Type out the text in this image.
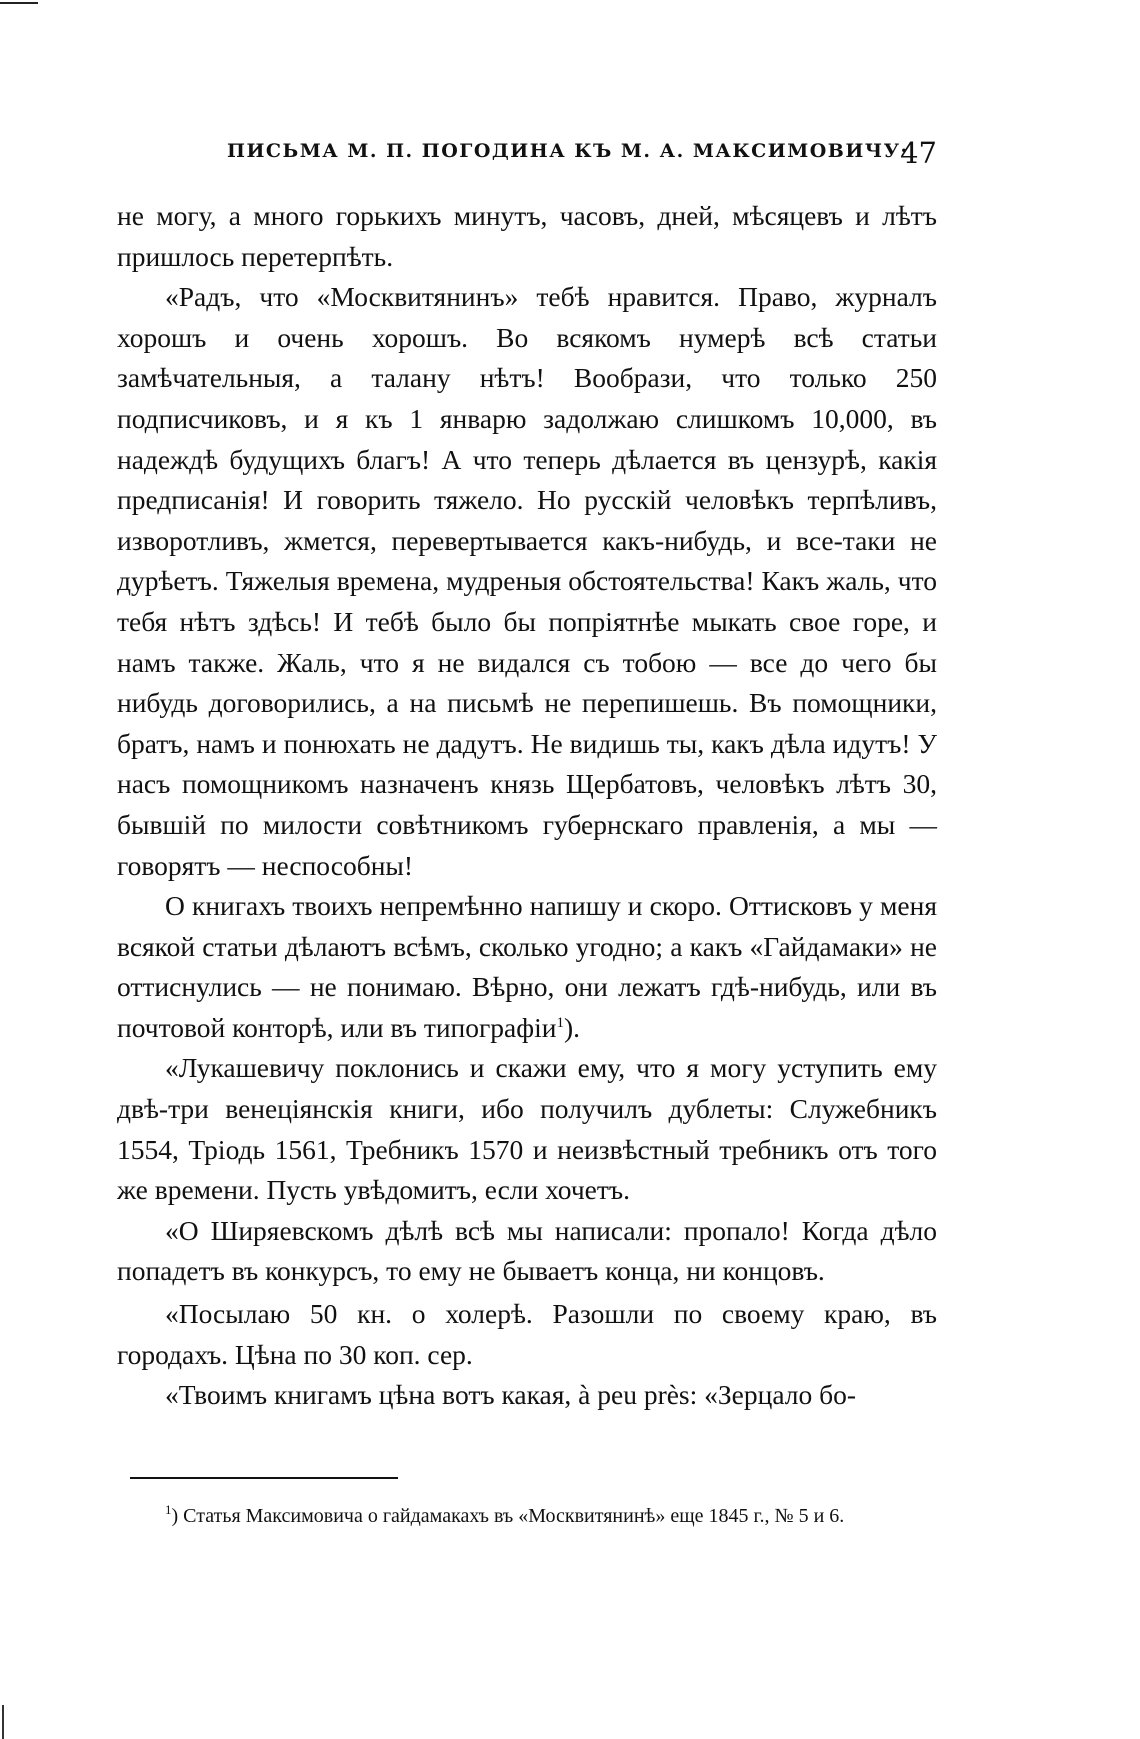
ПИСЬМА М. П. ПОГОДИНА КЪ М. А. МАКСИМОВИЧУ·
47

не могу, а много горькихъ минутъ, часовъ, дней, мѣсяцевъ и лѣтъ пришлось перетерпѣть.

«Радъ, что «Москвитянинъ» тебѣ нравится. Право, журналъ хорошъ и очень хорошъ. Во всякомъ нумерѣ всѣ статьи замѣчательныя, а талану нѣтъ! Вообрази, что только 250 подписчиковъ, и я къ 1 январю задолжаю слишкомъ 10,000, въ надеждѣ будущихъ благъ! А что теперь дѣлается въ цензурѣ, какія предписанія! И говорить тяжело. Но русскій человѣкъ терпѣливъ, изворотливъ, жмется, перевертывается какъ-нибудь, и все-таки не дурѣетъ. Тяжелыя времена, мудреныя обстоятельства! Какъ жаль, что тебя нѣтъ здѣсь! И тебѣ было бы попріятнѣе мыкать свое горе, и намъ также. Жаль, что я не видался съ тобою — все до чего бы нибудь договорились, а на письмѣ не перепишешь. Въ помощники, братъ, намъ и понюхать не дадутъ. Не видишь ты, какъ дѣла идутъ! У насъ помощникомъ назначенъ князь Щербатовъ, человѣкъ лѣтъ 30, бывшій по милости совѣтникомъ губернскаго правленія, а мы — говорятъ — неспособны!

О книгахъ твоихъ непремѣнно напишу и скоро. Оттисковъ у меня всякой статьи дѣлаютъ всѣмъ, сколько угодно; а какъ «Гайдамаки» не оттиснулись — не понимаю. Вѣрно, они лежатъ гдѣ-нибудь, или въ почтовой конторѣ, или въ типографіи$^1$).

«Лукашевичу поклонись и скажи ему, что я могу уступить ему двѣ-три венеціянскія книги, ибо получилъ дублеты: Служебникъ 1554, Тріодь 1561, Требникъ 1570 и неизвѣстный требникъ отъ того же времени. Пусть увѣдомитъ, если хочетъ.

«О Ширяевскомъ дѣлѣ всѣ мы написали: пропало! Когда дѣло попадетъ въ конкурсъ, то ему не бываетъ конца, ни концовъ.

«Посылаю 50 кн. о холерѣ. Разошли по своему краю, въ городахъ. Цѣна по 30 коп. сер.

«Твоимъ книгамъ цѣна вотъ какая, à peu près: «Зерцало бо-

$^1$) Статья Максимовича о гайдамакахъ въ «Москвитянинѣ» еще 1845 г., № 5 и 6.
